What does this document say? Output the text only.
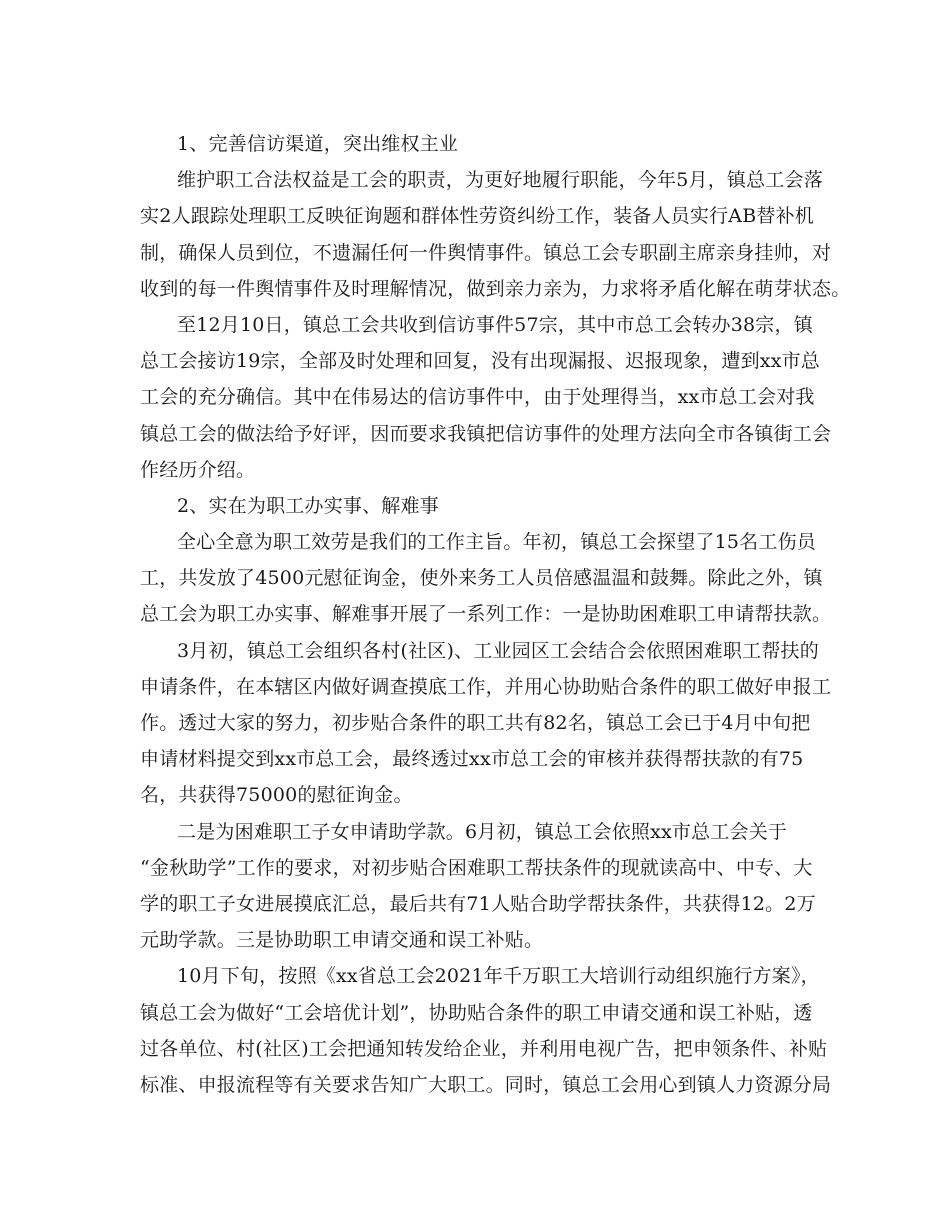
1、完善信访渠道，突出维权主业
维护职工合法权益是工会的职责，为更好地履行职能，今年5月，镇总工会落
实2人跟踪处理职工反映征询题和群体性劳资纠纷工作，装备人员实行AB替补机
制，确保人员到位，不遗漏任何一件舆情事件。镇总工会专职副主席亲身挂帅，对
收到的每一件舆情事件及时理解情况，做到亲力亲为，力求将矛盾化解在萌芽状态。
至12月10日，镇总工会共收到信访事件57宗，其中市总工会转办38宗，镇
总工会接访19宗，全部及时处理和回复，没有出现漏报、迟报现象，遭到xx市总
工会的充分确信。其中在伟易达的信访事件中，由于处理得当，xx市总工会对我
镇总工会的做法给予好评，因而要求我镇把信访事件的处理方法向全市各镇街工会
作经历介绍。
2、实在为职工办实事、解难事
全心全意为职工效劳是我们的工作主旨。年初，镇总工会探望了15名工伤员
工，共发放了4500元慰征询金，使外来务工人员倍感温温和鼓舞。除此之外，镇
总工会为职工办实事、解难事开展了一系列工作：一是协助困难职工申请帮扶款。
3月初，镇总工会组织各村(社区)、工业园区工会结合会依照困难职工帮扶的
申请条件，在本辖区内做好调查摸底工作，并用心协助贴合条件的职工做好申报工
作。透过大家的努力，初步贴合条件的职工共有82名，镇总工会已于4月中旬把
申请材料提交到xx市总工会，最终透过xx市总工会的审核并获得帮扶款的有75
名，共获得75000的慰征询金。
二是为困难职工子女申请助学款。6月初，镇总工会依照xx市总工会关于
“金秋助学”工作的要求，对初步贴合困难职工帮扶条件的现就读高中、中专、大
学的职工子女进展摸底汇总，最后共有71人贴合助学帮扶条件，共获得12。2万
元助学款。三是协助职工申请交通和误工补贴。
10月下旬，按照《xx省总工会2021年千万职工大培训行动组织施行方案》，
镇总工会为做好“工会培优计划”，协助贴合条件的职工申请交通和误工补贴，透
过各单位、村(社区)工会把通知转发给企业，并利用电视广告，把申领条件、补贴
标准、申报流程等有关要求告知广大职工。同时，镇总工会用心到镇人力资源分局
